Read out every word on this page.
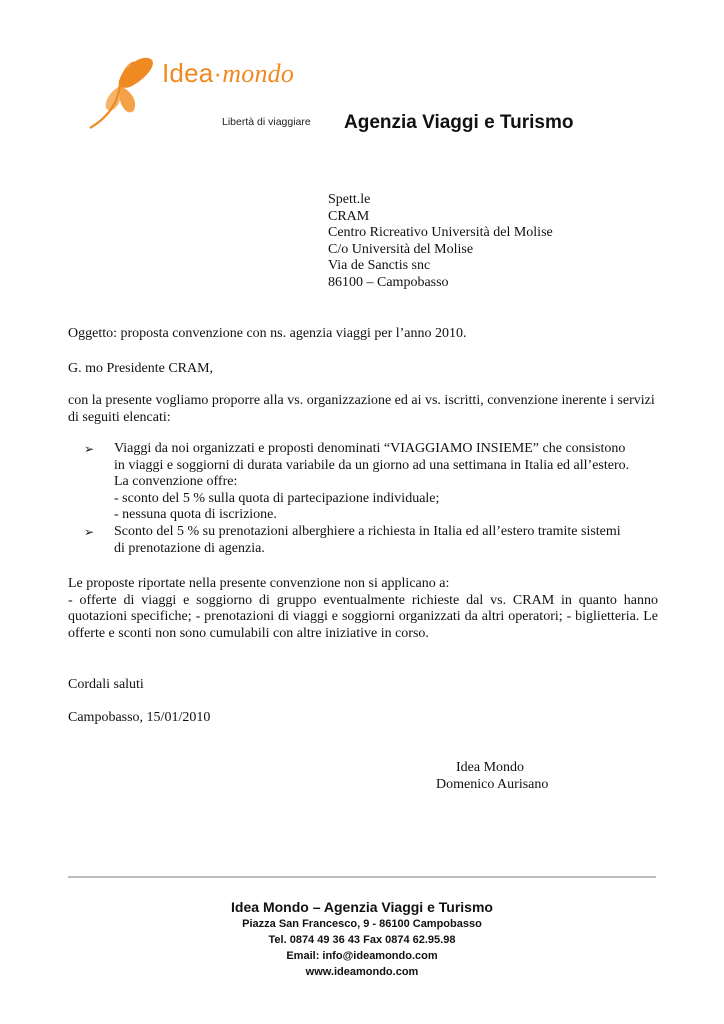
Idea·mondo
Libertà di viaggiare Agenzia Viaggi e Turismo
Spett.le
CRAM
Centro Ricreativo Università del Molise
C/o Università del Molise
Via de Sanctis snc
86100 – Campobasso
Oggetto: proposta convenzione con ns. agenzia viaggi per l’anno 2010.
G. mo Presidente CRAM,
con la presente vogliamo proporre alla vs. organizzazione ed ai vs. iscritti, convenzione inerente i servizi di seguiti elencati:
➢ Viaggi da noi organizzati e proposti denominati “VIAGGIAMO INSIEME” che consistono
in viaggi e soggiorni di durata variabile da un giorno ad una settimana in Italia ed all’estero.
La convenzione offre:
- sconto del 5 % sulla quota di partecipazione individuale;
- nessuna quota di iscrizione.
➢ Sconto del 5 % su prenotazioni alberghiere a richiesta in Italia ed all’estero tramite sistemi
di prenotazione di agenzia.
Le proposte riportate nella presente convenzione non si applicano a:
- offerte di viaggi e soggiorno di gruppo eventualmente richieste dal vs. CRAM in quanto hanno quotazioni specifiche; - prenotazioni di viaggi e soggiorni organizzati da altri operatori; - biglietteria. Le offerte e sconti non sono cumulabili con altre iniziative in corso.
Cordali saluti
Campobasso, 15/01/2010
Idea Mondo
Domenico Aurisano
Idea Mondo – Agenzia Viaggi e Turismo
Piazza San Francesco, 9 - 86100 Campobasso
Tel. 0874 49 36 43 Fax 0874 62.95.98
Email: info@ideamondo.com
www.ideamondo.com
